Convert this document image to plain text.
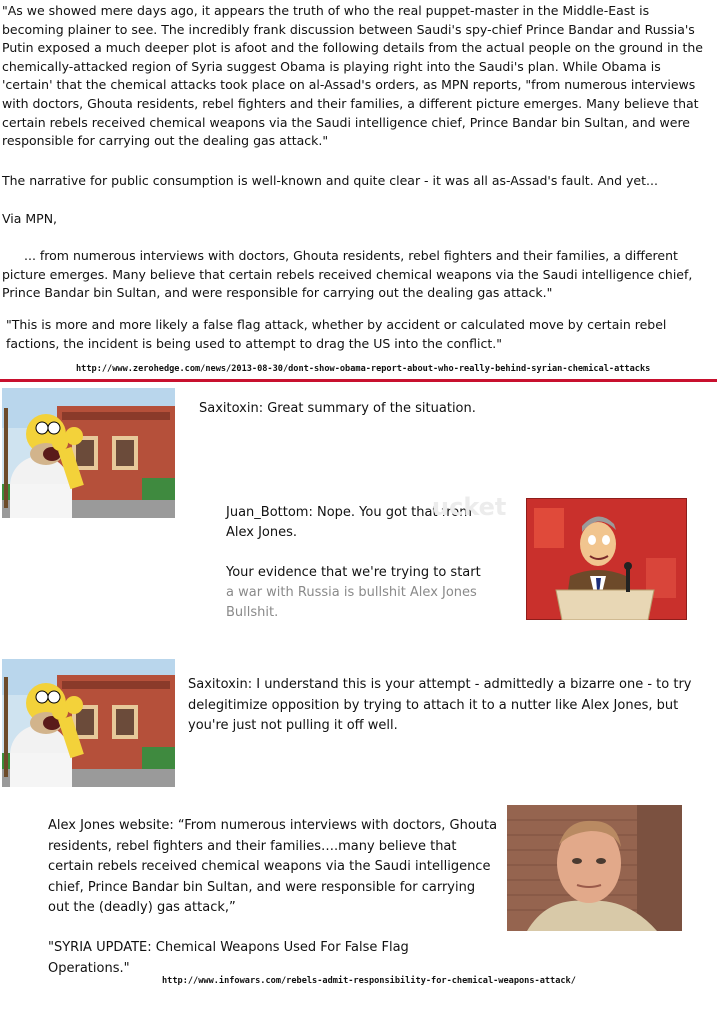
"As we showed mere days ago, it appears the truth of who the real puppet-master in the Middle-East is becoming plainer to see. The incredibly frank discussion between Saudi's spy-chief Prince Bandar and Russia's Putin exposed a much deeper plot is afoot and the following details from the actual people on the ground in the chemically-attacked region of Syria suggest Obama is playing right into the Saudi's plan. While Obama is 'certain' that the chemical attacks took place on al-Assad's orders, as MPN reports, "from numerous interviews with doctors, Ghouta residents, rebel fighters and their families, a different picture emerges. Many believe that certain rebels received chemical weapons via the Saudi intelligence chief, Prince Bandar bin Sultan, and were responsible for carrying out the dealing gas attack."

The narrative for public consumption is well-known and quite clear - it was all as-Assad's fault. And yet...

Via MPN,

... from numerous interviews with doctors, Ghouta residents, rebel fighters and their families, a different picture emerges. Many believe that certain rebels received chemical weapons via the Saudi intelligence chief, Prince Bandar bin Sultan, and were responsible for carrying out the dealing gas attack."

"This is more and more likely a false flag attack, whether by accident or calculated move by certain rebel factions, the incident is being used to attempt to drag the US into the conflict."

http://www.zerohedge.com/news/2013-08-30/dont-show-obama-report-about-who-really-behind-syrian-chemical-attacks
Saxitoxin: Great summary of the situation.
Juan_Bottom: Nope. You got that from
Alex Jones.
Your evidence that we're trying to start
a war with Russia is bullshit Alex Jones
Bullshit.
ucket

Saxitoxin: I understand this is your attempt - admittedly a bizarre one - to try delegitimize opposition by trying to attach it to a nutter like Alex Jones, but you're just not pulling it off well.

Alex Jones website: “From numerous interviews with doctors, Ghouta residents, rebel fighters and their families….many believe that certain rebels received chemical weapons via the Saudi intelligence chief, Prince Bandar bin Sultan, and were responsible for carrying out the (deadly) gas attack,”

"SYRIA UPDATE: Chemical Weapons Used For False Flag Operations."

http://www.infowars.com/rebels-admit-responsibility-for-chemical-weapons-attack/
